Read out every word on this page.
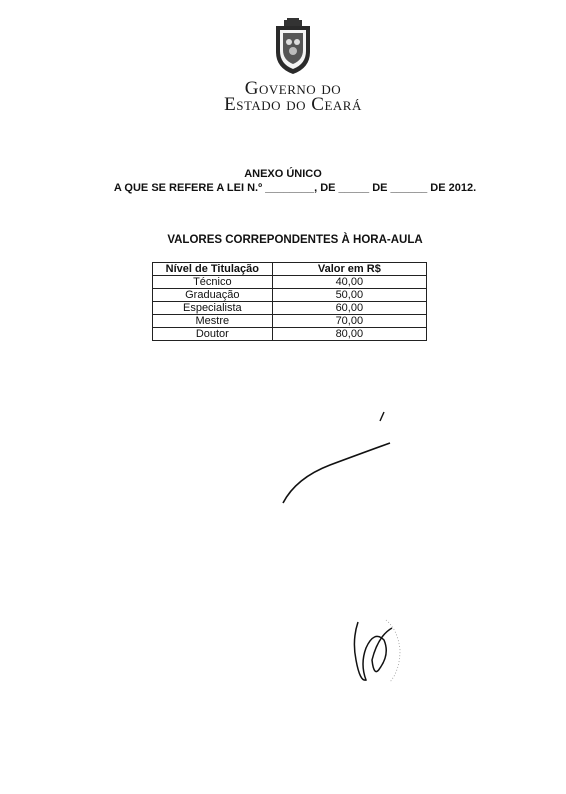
Governo do
Estado do Ceará
ANEXO ÚNICO
A QUE SE REFERE A LEI N.º ________, DE _____ DE ______ DE 2012.
VALORES CORREPONDENTES À HORA-AULA
Nível de Titulação	Valor em R$
Técnico	40,00
Graduação	50,00
Especialista	60,00
Mestre	70,00
Doutor	80,00
